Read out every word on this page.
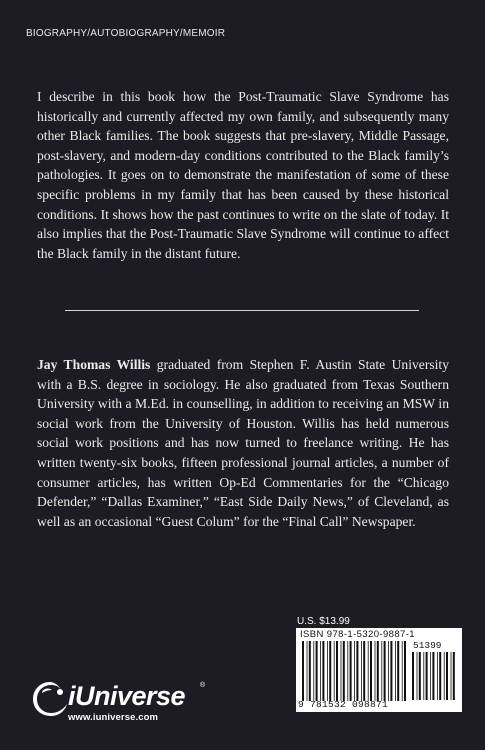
BIOGRAPHY/AUTOBIOGRAPHY/MEMOIR

I describe in this book how the Post-Traumatic Slave Syndrome has historically and currently affected my own family, and subsequently many other Black families. The book suggests that pre-slavery, Middle Passage, post-slavery, and modern-day conditions contributed to the Black family’s pathologies. It goes on to demonstrate the manifestation of some of these specific problems in my family that has been caused by these historical conditions. It shows how the past continues to write on the slate of today. It also implies that the Post-Traumatic Slave Syndrome will continue to affect the Black family in the distant future.

Jay Thomas Willis graduated from Stephen F. Austin State University with a B.S. degree in sociology. He also graduated from Texas Southern University with a M.Ed. in counselling, in addition to receiving an MSW in social work from the University of Houston. Willis has held numerous social work positions and has now turned to freelance writing. He has written twenty-six books, fifteen professional journal articles, a number of consumer articles, has written Op-Ed Commentaries for the “Chicago Defender,” “Dallas Examiner,” “East Side Daily News,” of Cleveland, as well as an occasional “Guest Colum” for the “Final Call” Newspaper.

U.S. $13.99
ISBN 978-1-5320-9887-1
51399
9 781532 098871
iUniverse ®
www.iuniverse.com
